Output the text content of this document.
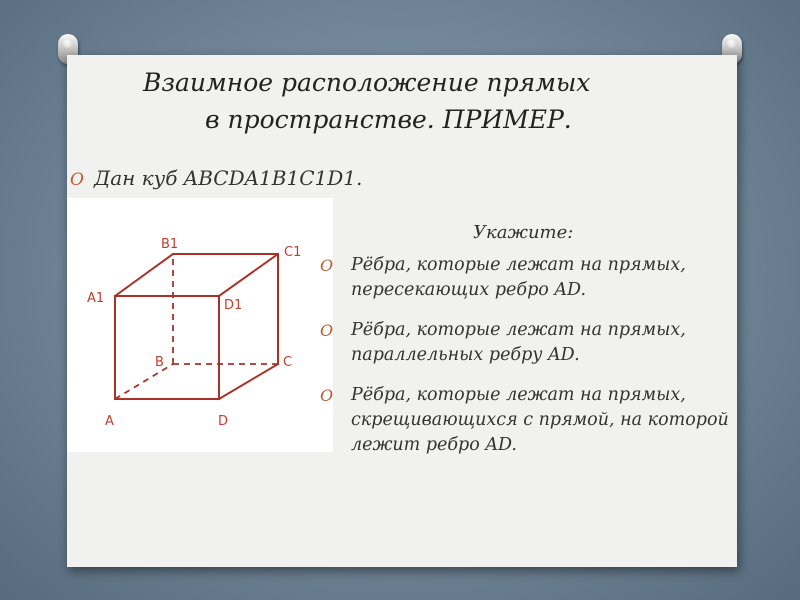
Взаимное расположение прямых
в пространстве. ПРИМЕР.
O Дан куб ABCDA1B1C1D1.
B1
C1
A1	D1
B	C
A	D
Укажите:
O Рёбра, которые лежат на прямых, пересекающих ребро AD.
O Рёбра, которые лежат на прямых, параллельных ребру AD.
O Рёбра, которые лежат на прямых, скрещивающихся с прямой, на которой лежит ребро AD.
